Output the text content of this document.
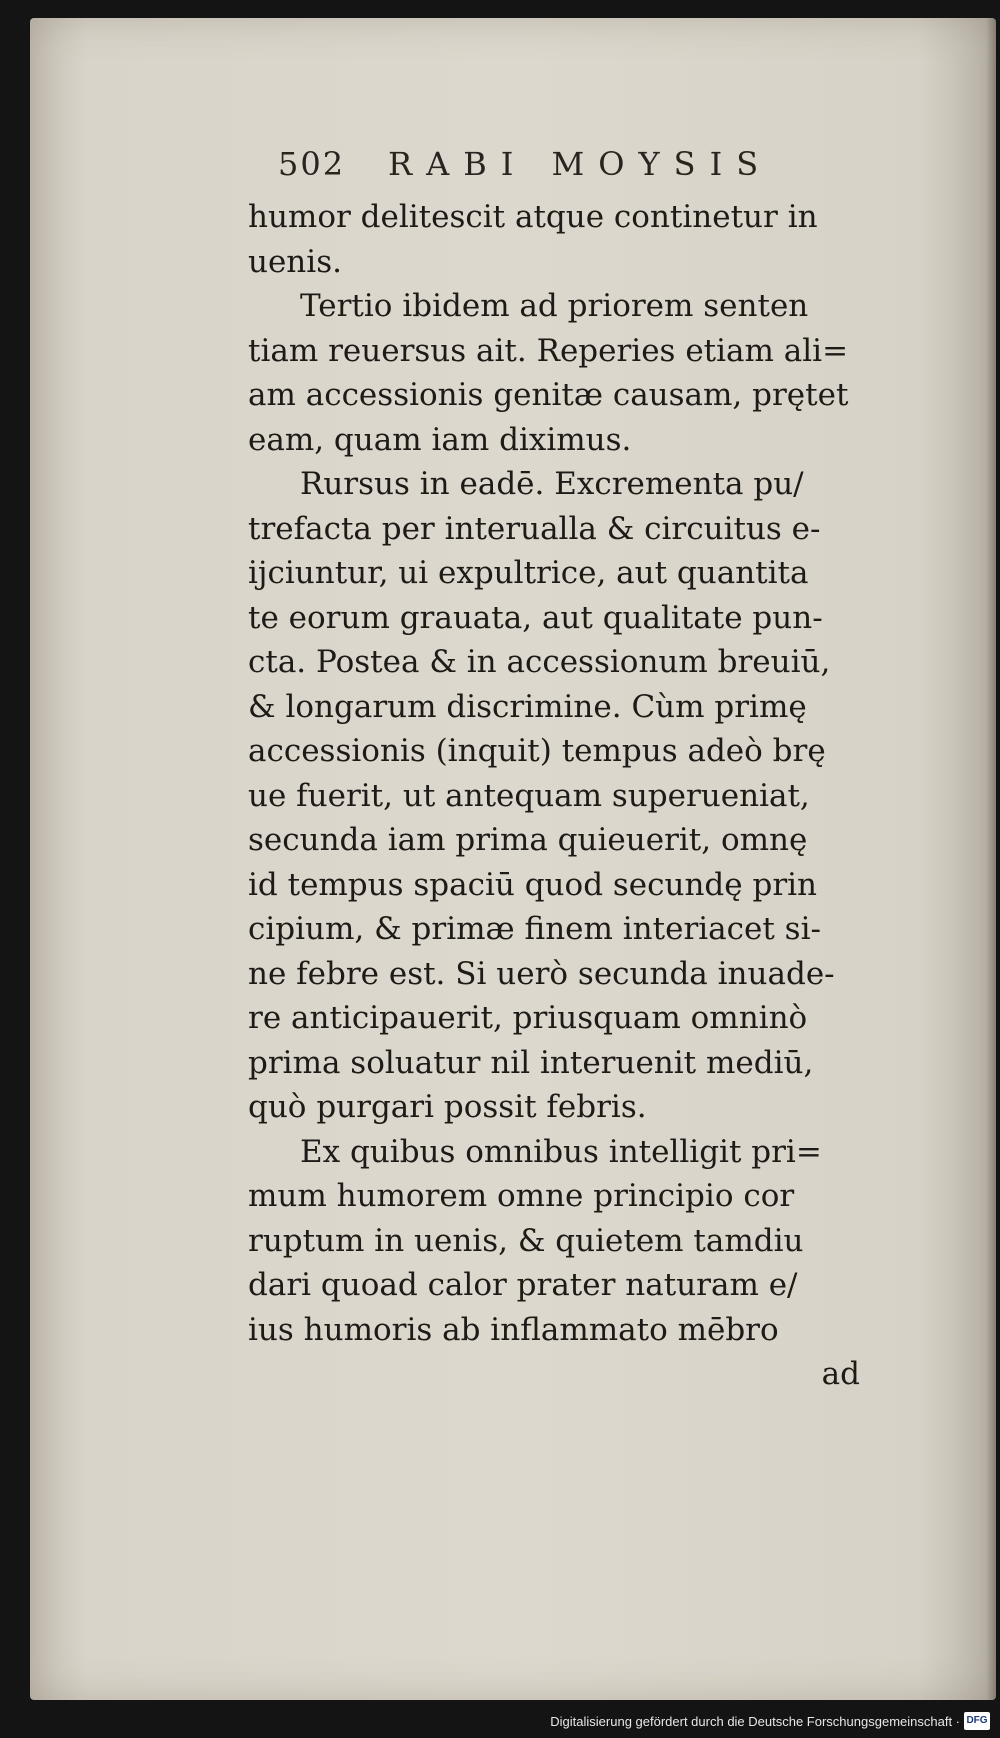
502 RABI MOYSIS
humor delitescit atque continetur in
uenis.
Tertio ibidem ad priorem senten
tiam reuersus ait. Reperies etiam ali=
am accessionis genitæ causam, prętet
eam, quam iam diximus.
Rursus in eadē. Excrementa pu/
trefacta per interualla & circuitus e-
ijciuntur, ui expultrice, aut quantita
te eorum grauata, aut qualitate pun-
cta. Postea & in accessionum breuiū,
& longarum discrimine. Cùm primę
accessionis (inquit) tempus adeò brę
ue fuerit, ut antequam superueniat,
secunda iam prima quieuerit, omnę
id tempus spaciū quod secundę prin
cipium, & primæ finem interiacet si-
ne febre est. Si uerò secunda inuade-
re anticipauerit, priusquam omninò
prima soluatur nil interuenit mediū,
quò purgari possit febris.
Ex quibus omnibus intelligit pri=
mum humorem omne principio cor
ruptum in uenis, & quietem tamdiu
dari quoad calor prater naturam e/
ius humoris ab inflammato mēbro
ad
Digitalisierung gefördert durch die Deutsche Forschungsgemeinschaft · DFG
